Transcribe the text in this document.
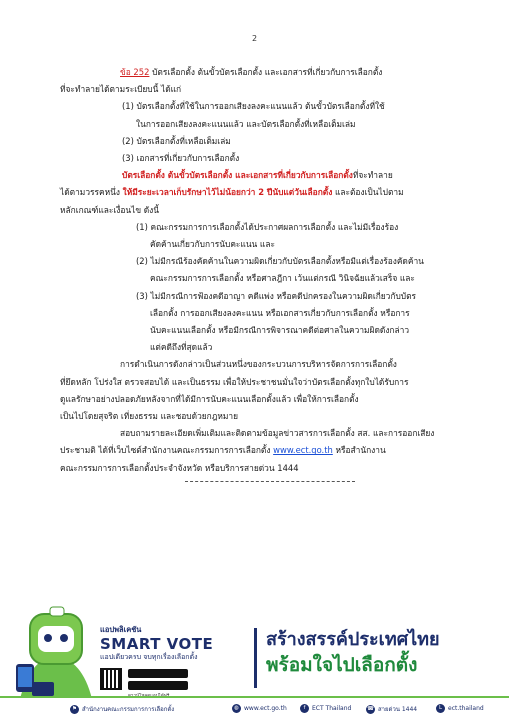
2

ข้อ 252 บัตรเลือกตั้ง ต้นขั้วบัตรเลือกตั้ง และเอกสารที่เกี่ยวกับการเลือกตั้ง

ที่จะทำลายได้ตามระเบียบนี้ ได้แก่

(1) บัตรเลือกตั้งที่ใช้ในการออกเสียงลงคะแนนแล้ว ต้นขั้วบัตรเลือกตั้งที่ใช้

ในการออกเสียงลงคะแนนแล้ว และบัตรเลือกตั้งที่เหลือเต็มเล่ม

(2) บัตรเลือกตั้งที่เหลือเต็มเล่ม

(3) เอกสารที่เกี่ยวกับการเลือกตั้ง

บัตรเลือกตั้ง ต้นขั้วบัตรเลือกตั้ง และเอกสารที่เกี่ยวกับการเลือกตั้งที่จะทำลาย

ได้ตามวรรคหนึ่ง ให้มีระยะเวลาเก็บรักษาไว้ไม่น้อยกว่า 2 ปีนับแต่วันเลือกตั้ง และต้องเป็นไปตาม

หลักเกณฑ์และเงื่อนไข ดังนี้

(1) คณะกรรมการการเลือกตั้งได้ประกาศผลการเลือกตั้ง และไม่มีเรื่องร้อง

คัดค้านเกี่ยวกับการนับคะแนน และ

(2) ไม่มีกรณีร้องคัดค้านในความผิดเกี่ยวกับบัตรเลือกตั้งหรือมีแต่เรื่องร้องคัดค้าน

คณะกรรมการการเลือกตั้ง หรือศาลฎีกา เว้นแต่กรณี วินิจฉัยแล้วเสร็จ และ

(3) ไม่มีกรณีการฟ้องคดีอาญา คดีแพ่ง หรือคดีปกครองในความผิดเกี่ยวกับบัตร

เลือกตั้ง การออกเสียงลงคะแนน หรือเอกสารเกี่ยวกับการเลือกตั้ง หรือการ

นับคะแนนเลือกตั้ง หรือมีกรณีการพิจารณาคดีต่อศาลในความผิดดังกล่าว

แต่คดีถึงที่สุดแล้ว

การดำเนินการดังกล่าวเป็นส่วนหนึ่งของกระบวนการบริหารจัดการการเลือกตั้ง

ที่ยึดหลัก โปร่งใส ตรวจสอบได้ และเป็นธรรม เพื่อให้ประชาชนมั่นใจว่าบัตรเลือกตั้งทุกใบได้รับการ

ดูแลรักษาอย่างปลอดภัยหลังจากที่ได้มีการนับคะแนนเลือกตั้งแล้ว เพื่อให้การเลือกตั้ง

เป็นไปโดยสุจริต เที่ยงธรรม และชอบด้วยกฎหมาย

สอบถามรายละเอียดเพิ่มเติมและติดตามข้อมูลข่าวสารการเลือกตั้ง สส. และการออกเสียง

ประชามติ ได้ที่เว็บไซต์สำนักงานคณะกรรมการการเลือกตั้ง www.ect.go.th หรือสำนักงาน

คณะกรรมการการเลือกตั้งประจำจังหวัด หรือบริการสายด่วน 1444

แอปพลิเคชัน
SMART VOTE
แอปเดียวครบ จบทุกเรื่องเลือกตั้ง
สร้างสรรค์ประเทศไทย
พร้อมใจไปเลือกตั้ง
⚑ สำนักงานคณะกรรมการการเลือกตั้ง	◍ www.ect.go.th	f	ECT Thailand	☎ สายด่วน 1444	L ect.thailand
